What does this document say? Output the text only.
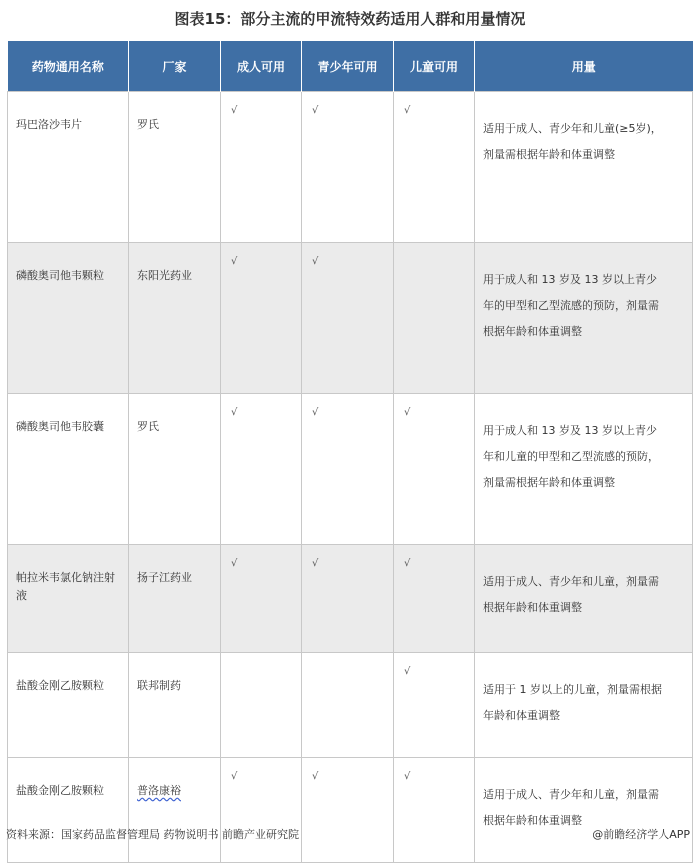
图表15：部分主流的甲流特效药适用人群和用量情况
药物通用名称	厂家	成人可用	青少年可用	儿童可用	用量
玛巴洛沙韦片	罗氏	√	√	√	适用于成人、青少年和儿童(≥5岁)，
剂量需根据年龄和体重调整

磷酸奥司他韦颗粒	东阳光药业	√	√		用于成人和 13 岁及 13 岁以上青少
年的甲型和乙型流感的预防，剂量需
根据年龄和体重调整

磷酸奥司他韦胶囊	罗氏	√	√	√	用于成人和 13 岁及 13 岁以上青少
年和儿童的甲型和乙型流感的预防，
剂量需根据年龄和体重调整

帕拉米韦氯化钠注射液	扬子江药业	√	√	√	适用于成人、青少年和儿童，剂量需
根据年龄和体重调整

盐酸金刚乙胺颗粒	联邦制药			√	适用于 1 岁以上的儿童，剂量需根据
年龄和体重调整

盐酸金刚乙胺颗粒	普洛康裕	√	√	√	适用于成人、青少年和儿童，剂量需
根据年龄和体重调整
资料来源：国家药品监督管理局 药物说明书 前瞻产业研究院	@前瞻经济学人APP
